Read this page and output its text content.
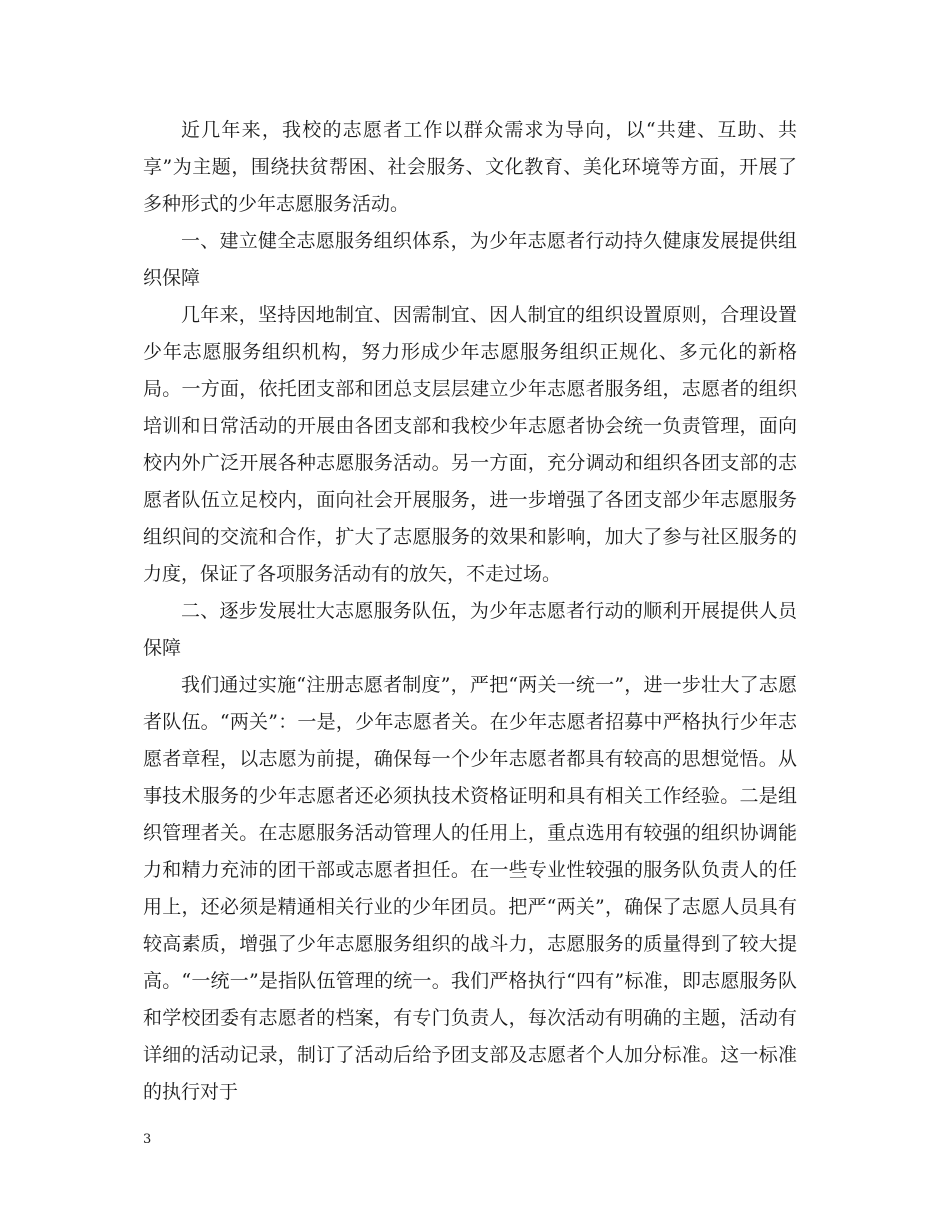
近几年来，我校的志愿者工作以群众需求为导向，以“共建、互助、共享”为主题，围绕扶贫帮困、社会服务、文化教育、美化环境等方面，开展了多种形式的少年志愿服务活动。

一、建立健全志愿服务组织体系，为少年志愿者行动持久健康发展提供组织保障

几年来，坚持因地制宜、因需制宜、因人制宜的组织设置原则，合理设置少年志愿服务组织机构，努力形成少年志愿服务组织正规化、多元化的新格局。一方面，依托团支部和团总支层层建立少年志愿者服务组，志愿者的组织培训和日常活动的开展由各团支部和我校少年志愿者协会统一负责管理，面向校内外广泛开展各种志愿服务活动。另一方面，充分调动和组织各团支部的志愿者队伍立足校内，面向社会开展服务，进一步增强了各团支部少年志愿服务组织间的交流和合作，扩大了志愿服务的效果和影响，加大了参与社区服务的力度，保证了各项服务活动有的放矢，不走过场。

二、逐步发展壮大志愿服务队伍，为少年志愿者行动的顺利开展提供人员保障

我们通过实施“注册志愿者制度”，严把“两关一统一”，进一步壮大了志愿者队伍。“两关”：一是，少年志愿者关。在少年志愿者招募中严格执行少年志愿者章程，以志愿为前提，确保每一个少年志愿者都具有较高的思想觉悟。从事技术服务的少年志愿者还必须执技术资格证明和具有相关工作经验。二是组织管理者关。在志愿服务活动管理人的任用上，重点选用有较强的组织协调能力和精力充沛的团干部或志愿者担任。在一些专业性较强的服务队负责人的任用上，还必须是精通相关行业的少年团员。把严“两关”，确保了志愿人员具有较高素质，增强了少年志愿服务组织的战斗力，志愿服务的质量得到了较大提高。“一统一”是指队伍管理的统一。我们严格执行“四有”标准，即志愿服务队和学校团委有志愿者的档案，有专门负责人，每次活动有明确的主题，活动有详细的活动记录，制订了活动后给予团支部及志愿者个人加分标准。这一标准的执行对于

3
